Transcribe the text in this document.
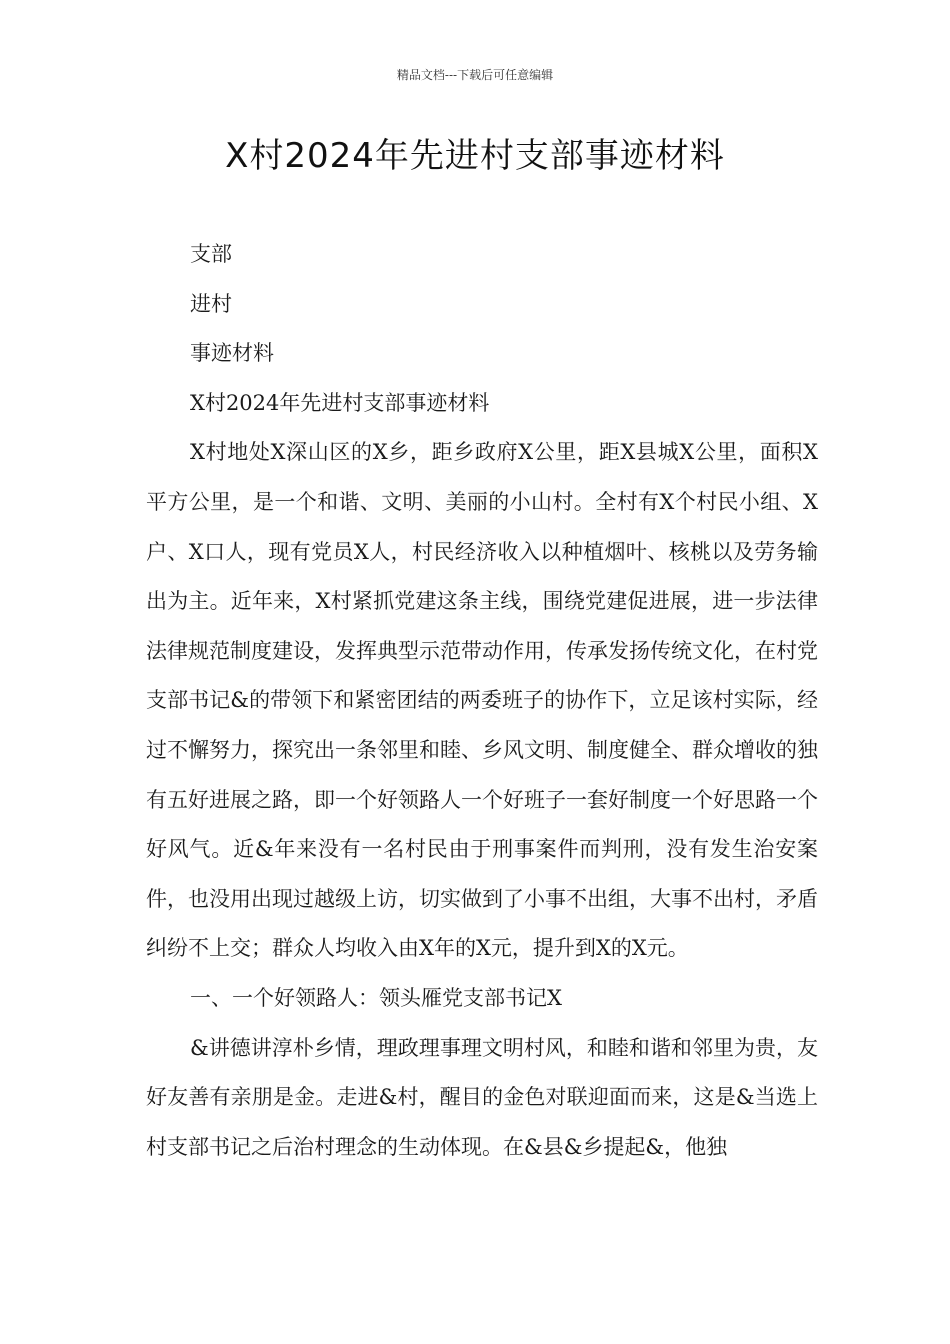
精品文档---下载后可任意编辑
X村2024年先进村支部事迹材料

支部

进村

事迹材料

X村2024年先进村支部事迹材料

X村地处X深山区的X乡，距乡政府X公里，距X县城X公里，面积X平方公里，是一个和谐、文明、美丽的小山村。全村有X个村民小组、X户、X口人，现有党员X人，村民经济收入以种植烟叶、核桃以及劳务输出为主。近年来，X村紧抓党建这条主线，围绕党建促进展，进一步法律法律规范制度建设，发挥典型示范带动作用，传承发扬传统文化，在村党支部书记&的带领下和紧密团结的两委班子的协作下，立足该村实际，经过不懈努力，探究出一条邻里和睦、乡风文明、制度健全、群众增收的独有五好进展之路，即一个好领路人一个好班子一套好制度一个好思路一个好风气。近&年来没有一名村民由于刑事案件而判刑，没有发生治安案件，也没用出现过越级上访，切实做到了小事不出组，大事不出村，矛盾纠纷不上交；群众人均收入由X年的X元，提升到X的X元。

一、一个好领路人：领头雁党支部书记X

&讲德讲淳朴乡情，理政理事理文明村风，和睦和谐和邻里为贵，友好友善有亲朋是金。走进&村，醒目的金色对联迎面而来，这是&当选上村支部书记之后治村理念的生动体现。在&县&乡提起&，他独
